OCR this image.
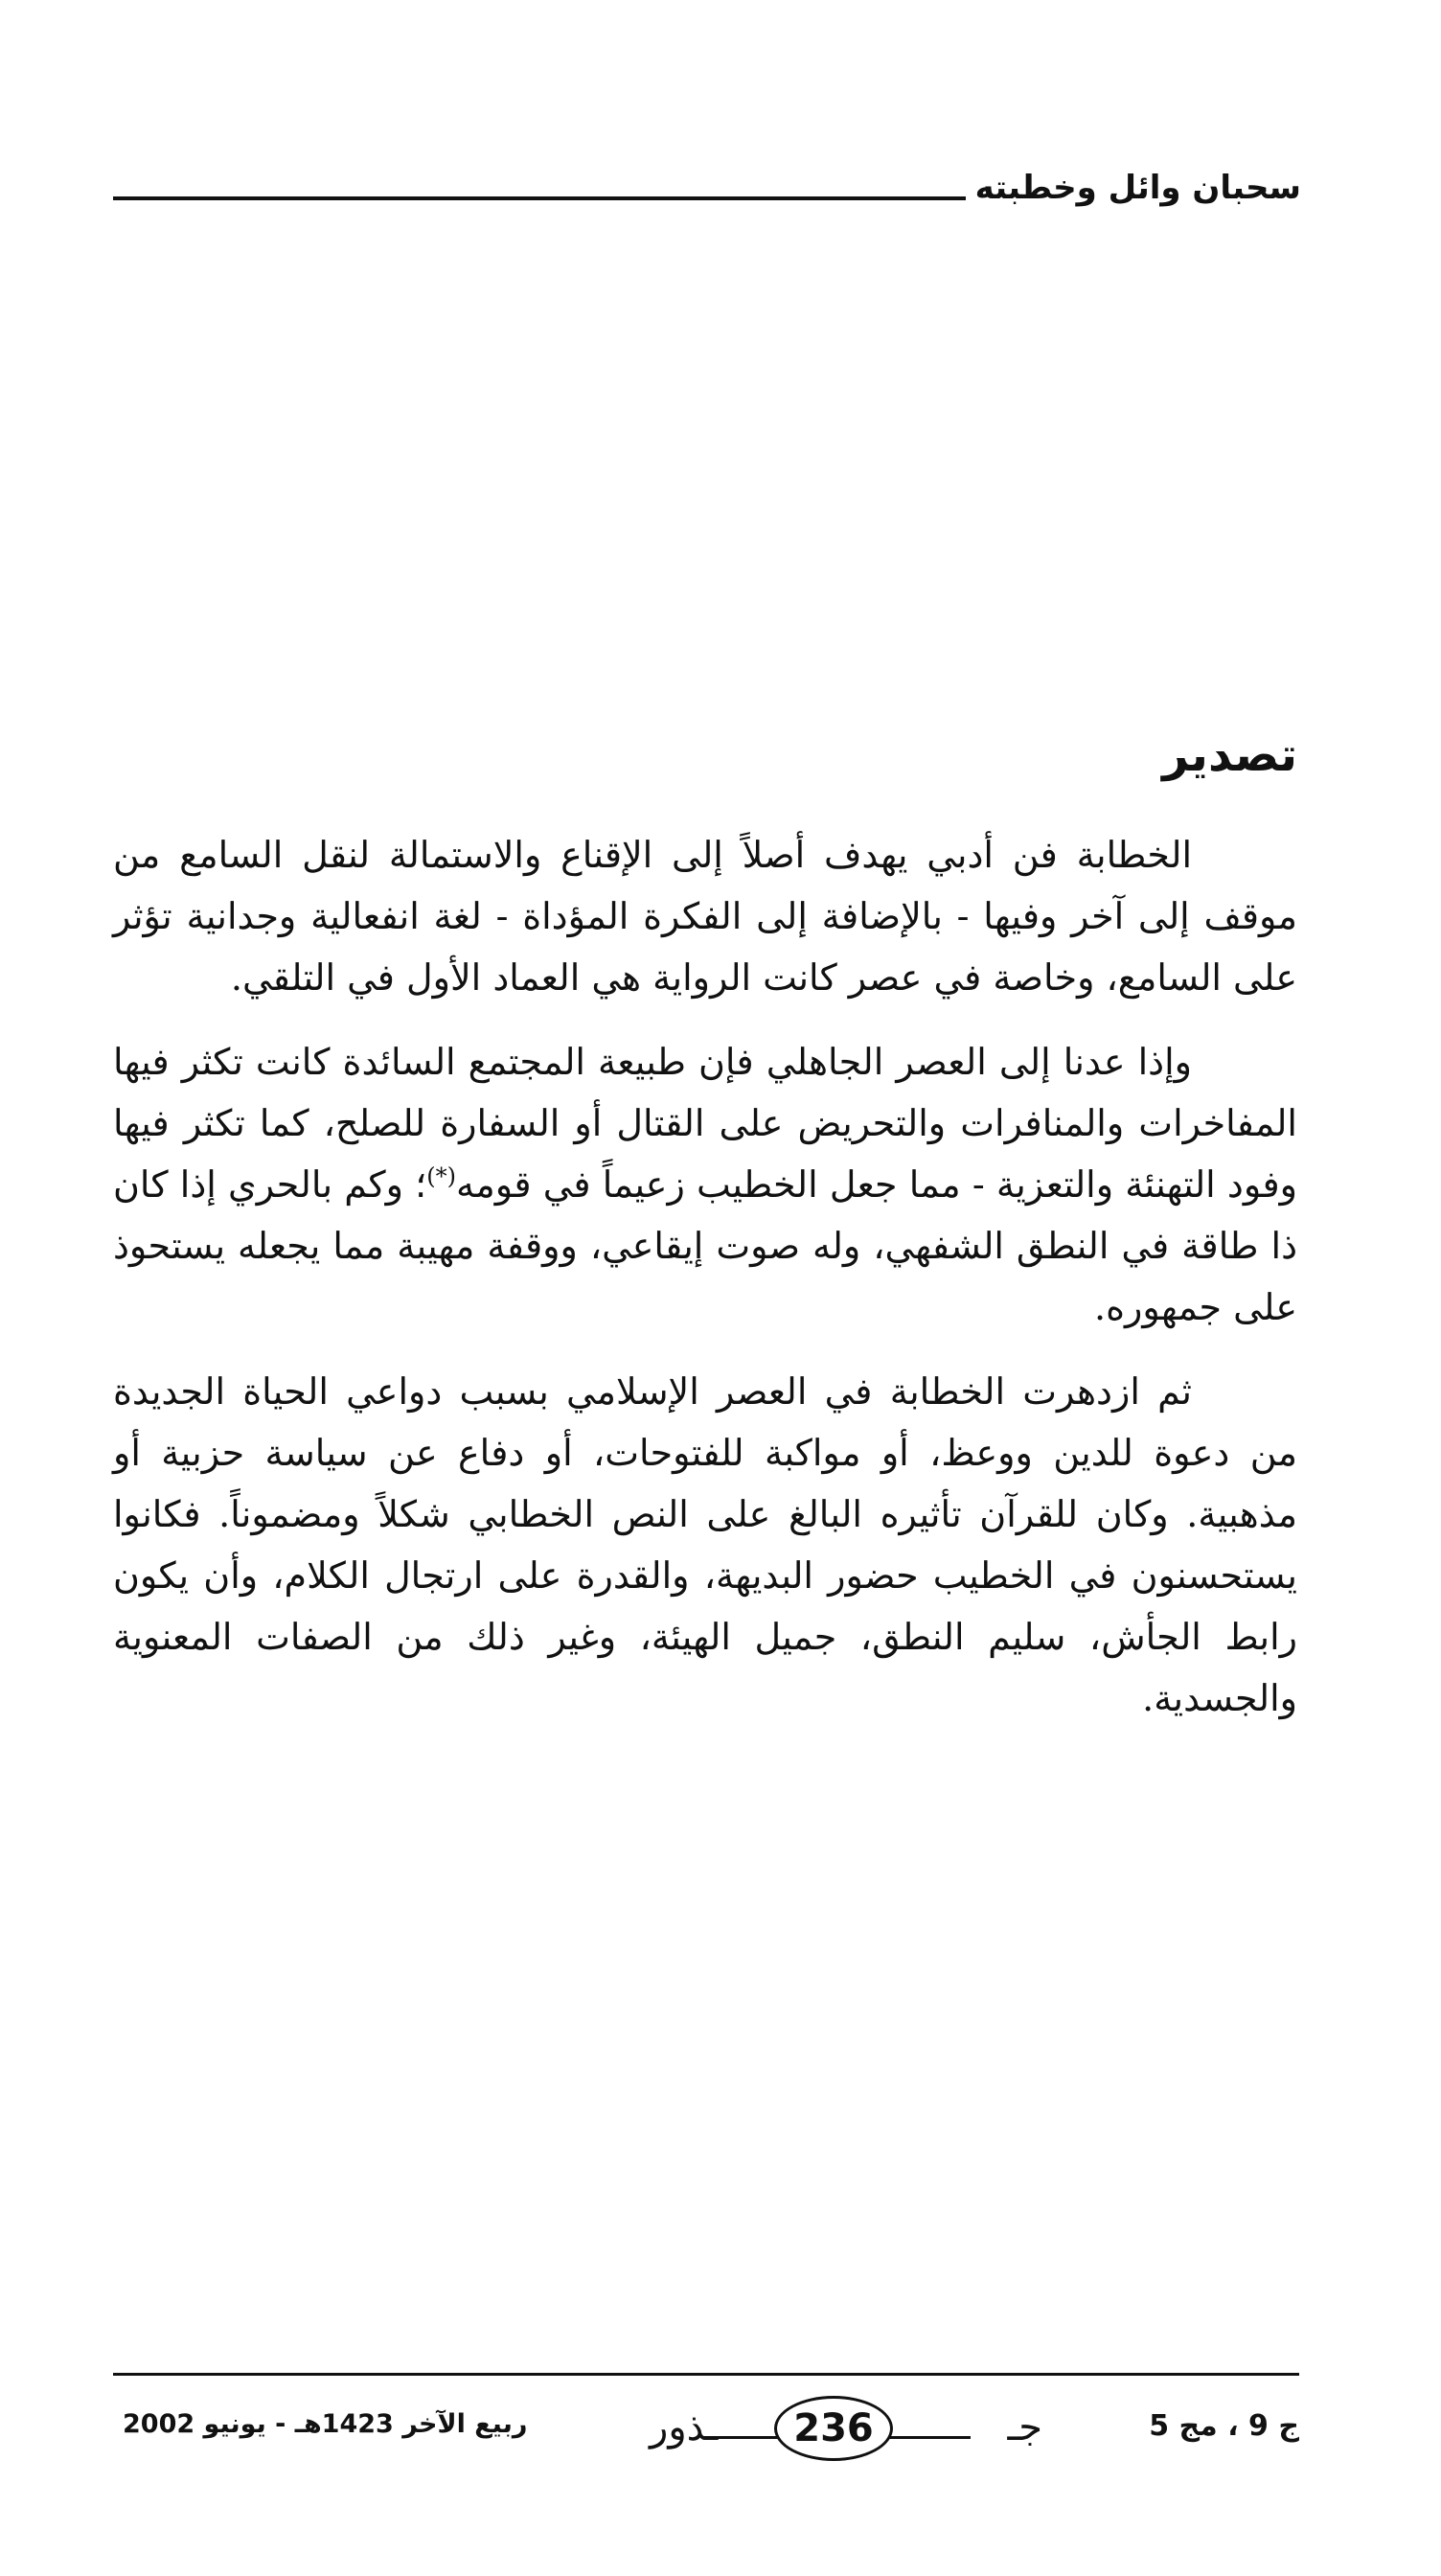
سحبان وائل وخطبته
تصدير

الخطابة فن أدبي يهدف أصلاً إلى الإقناع والاستمالة لنقل السامع من موقف إلى آخر وفيها - بالإضافة إلى الفكرة المؤداة - لغة انفعالية وجدانية تؤثر على السامع، وخاصة في عصر كانت الرواية هي العماد الأول في التلقي.

وإذا عدنا إلى العصر الجاهلي فإن طبيعة المجتمع السائدة كانت تكثر فيها المفاخرات والمنافرات والتحريض على القتال أو السفارة للصلح، كما تكثر فيها وفود التهنئة والتعزية - مما جعل الخطيب زعيماً في قومه(*)؛ وكم بالحري إذا كان ذا طاقة في النطق الشفهي، وله صوت إيقاعي، ووقفة مهيبة مما يجعله يستحوذ على جمهوره.

ثم ازدهرت الخطابة في العصر الإسلامي بسبب دواعي الحياة الجديدة من دعوة للدين ووعظ، أو مواكبة للفتوحات، أو دفاع عن سياسة حزبية أو مذهبية. وكان للقرآن تأثيره البالغ على النص الخطابي شكلاً ومضموناً. فكانوا يستحسنون في الخطيب حضور البديهة، والقدرة على ارتجال الكلام، وأن يكون رابط الجأش، سليم النطق، جميل الهيئة، وغير ذلك من الصفات المعنوية والجسدية.

ج 9 ، مج 5
جـ
ـذور	236
ربيع الآخر 1423هـ - يونيو 2002
